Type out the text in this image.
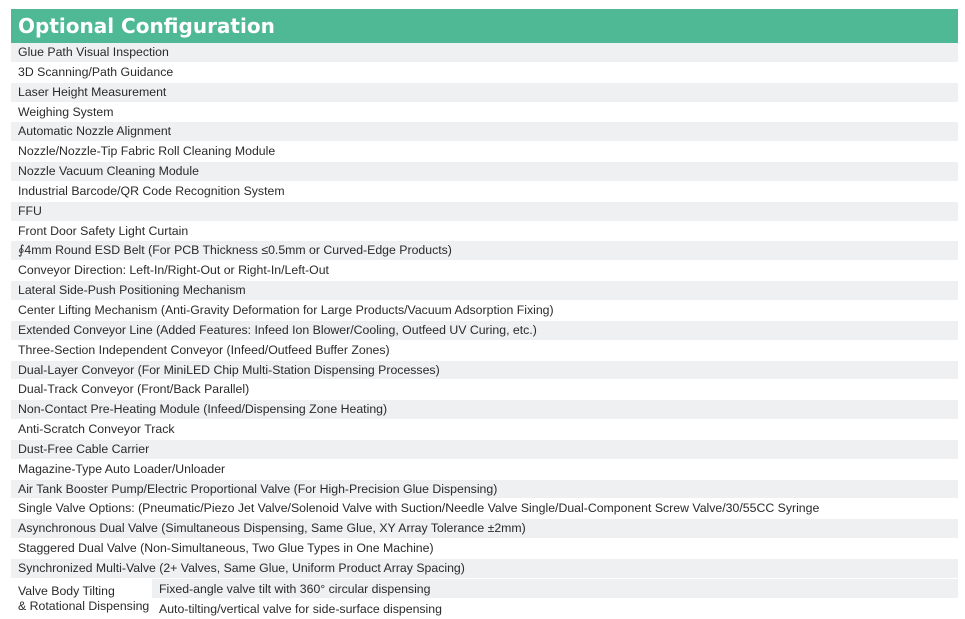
Optional Configuration
Glue Path Visual Inspection
3D Scanning/Path Guidance
Laser Height Measurement
Weighing System
Automatic Nozzle Alignment
Nozzle/Nozzle-Tip Fabric Roll Cleaning Module
Nozzle Vacuum Cleaning Module
Industrial Barcode/QR Code Recognition System
FFU
Front Door Safety Light Curtain
∮4mm Round ESD Belt (For PCB Thickness ≤0.5mm or Curved-Edge Products)
Conveyor Direction: Left-In/Right-Out or Right-In/Left-Out
Lateral Side-Push Positioning Mechanism
Center Lifting Mechanism (Anti-Gravity Deformation for Large Products/Vacuum Adsorption Fixing)
Extended Conveyor Line (Added Features: Infeed Ion Blower/Cooling, Outfeed UV Curing, etc.)
Three-Section Independent Conveyor (Infeed/Outfeed Buffer Zones)
Dual-Layer Conveyor (For MiniLED Chip Multi-Station Dispensing Processes)
Dual-Track Conveyor (Front/Back Parallel)
Non-Contact Pre-Heating Module (Infeed/Dispensing Zone Heating)
Anti-Scratch Conveyor Track
Dust-Free Cable Carrier
Magazine-Type Auto Loader/Unloader
Air Tank Booster Pump/Electric Proportional Valve (For High-Precision Glue Dispensing)
Single Valve Options: (Pneumatic/Piezo Jet Valve/Solenoid Valve with Suction/Needle Valve Single/Dual-Component Screw Valve/30/55CC Syringe
Asynchronous Dual Valve (Simultaneous Dispensing, Same Glue, XY Array Tolerance ±2mm)
Staggered Dual Valve (Non-Simultaneous, Two Glue Types in One Machine)
Synchronized Multi-Valve (2+ Valves, Same Glue, Uniform Product Array Spacing)
Valve Body Tilting
& Rotational Dispensing
Fixed-angle valve tilt with 360° circular dispensing
Auto-tilting/vertical valve for side-surface dispensing
